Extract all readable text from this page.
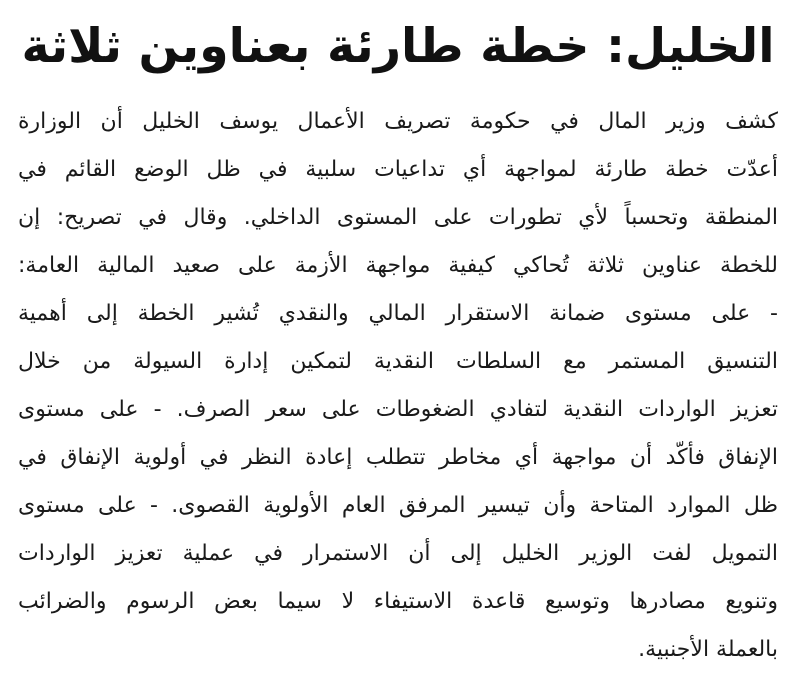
الخليل: خطة طارئة بعناوين ثلاثة
كشف وزير المال في حكومة تصريف الأعمال يوسف الخليل أن الوزارة
أعدّت خطة طارئة لمواجهة أي تداعيات سلبية في ظل الوضع القائم في
المنطقة وتحسباً لأي تطورات على المستوى الداخلي. وقال في تصريح: إن
للخطة عناوين ثلاثة تُحاكي كيفية مواجهة الأزمة على صعيد المالية العامة:
- على مستوى ضمانة الاستقرار المالي والنقدي تُشير الخطة إلى أهمية
التنسيق المستمر مع السلطات النقدية لتمكين إدارة السيولة من خلال
تعزيز الواردات النقدية لتفادي الضغوطات على سعر الصرف. - على مستوى
الإنفاق فأكّد أن مواجهة أي مخاطر تتطلب إعادة النظر في أولوية الإنفاق في
ظل الموارد المتاحة وأن تيسير المرفق العام الأولوية القصوى. - على مستوى
التمويل لفت الوزير الخليل إلى أن الاستمرار في عملية تعزيز الواردات
وتنويع مصادرها وتوسيع قاعدة الاستيفاء لا سيما بعض الرسوم والضرائب
بالعملة الأجنبية.
